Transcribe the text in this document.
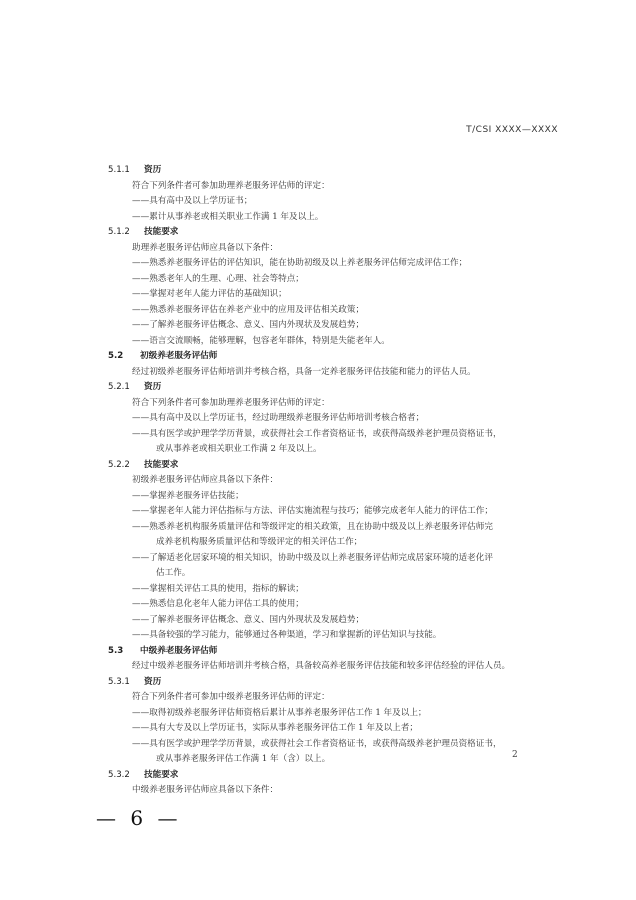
T/CSI XXXX—XXXX
5.1.1 资历
符合下列条件者可参加助理养老服务评估师的评定：
——具有高中及以上学历证书；
——累计从事养老或相关职业工作满 1 年及以上。
5.1.2 技能要求
助理养老服务评估师应具备以下条件：
——熟悉养老服务评估的评估知识，能在协助初级及以上养老服务评估师完成评估工作；
——熟悉老年人的生理、心理、社会等特点；
——掌握对老年人能力评估的基础知识；
——熟悉养老服务评估在养老产业中的应用及评估相关政策；
——了解养老服务评估概念、意义、国内外现状及发展趋势；
——语言交流顺畅，能够理解，包容老年群体，特别是失能老年人。
5.2 初级养老服务评估师
经过初级养老服务评估师培训并考核合格，具备一定养老服务评估技能和能力的评估人员。
5.2.1 资历
符合下列条件者可参加助理养老服务评估师的评定：
——具有高中及以上学历证书，经过助理级养老服务评估师培训考核合格者；
——具有医学或护理学学历背景，或获得社会工作者资格证书，或获得高级养老护理员资格证书，
或从事养老或相关职业工作满 2 年及以上。
5.2.2 技能要求
初级养老服务评估师应具备以下条件：
——掌握养老服务评估技能；
——掌握老年人能力评估指标与方法、评估实施流程与技巧；能够完成老年人能力的评估工作；
——熟悉养老机构服务质量评估和等级评定的相关政策，且在协助中级及以上养老服务评估师完
成养老机构服务质量评估和等级评定的相关评估工作；
——了解适老化居家环境的相关知识，协助中级及以上养老服务评估师完成居家环境的适老化评
估工作。
——掌握相关评估工具的使用，指标的解读；
——熟悉信息化老年人能力评估工具的使用；
——了解养老服务评估概念、意义、国内外现状及发展趋势；
——具备较强的学习能力，能够通过各种渠道，学习和掌握新的评估知识与技能。
5.3 中级养老服务评估师
经过中级养老服务评估师培训并考核合格，具备较高养老服务评估技能和较多评估经验的评估人员。
5.3.1 资历
符合下列条件者可参加中级养老服务评估师的评定：
——取得初级养老服务评估师资格后累计从事养老服务评估工作 1 年及以上；
——具有大专及以上学历证书，实际从事养老服务评估工作 1 年及以上者；
——具有医学或护理学学历背景，或获得社会工作者资格证书，或获得高级养老护理员资格证书，
或从事养老服务评估工作满 1 年（含）以上。
5.3.2 技能要求
中级养老服务评估师应具备以下条件：
2
— 6 —
